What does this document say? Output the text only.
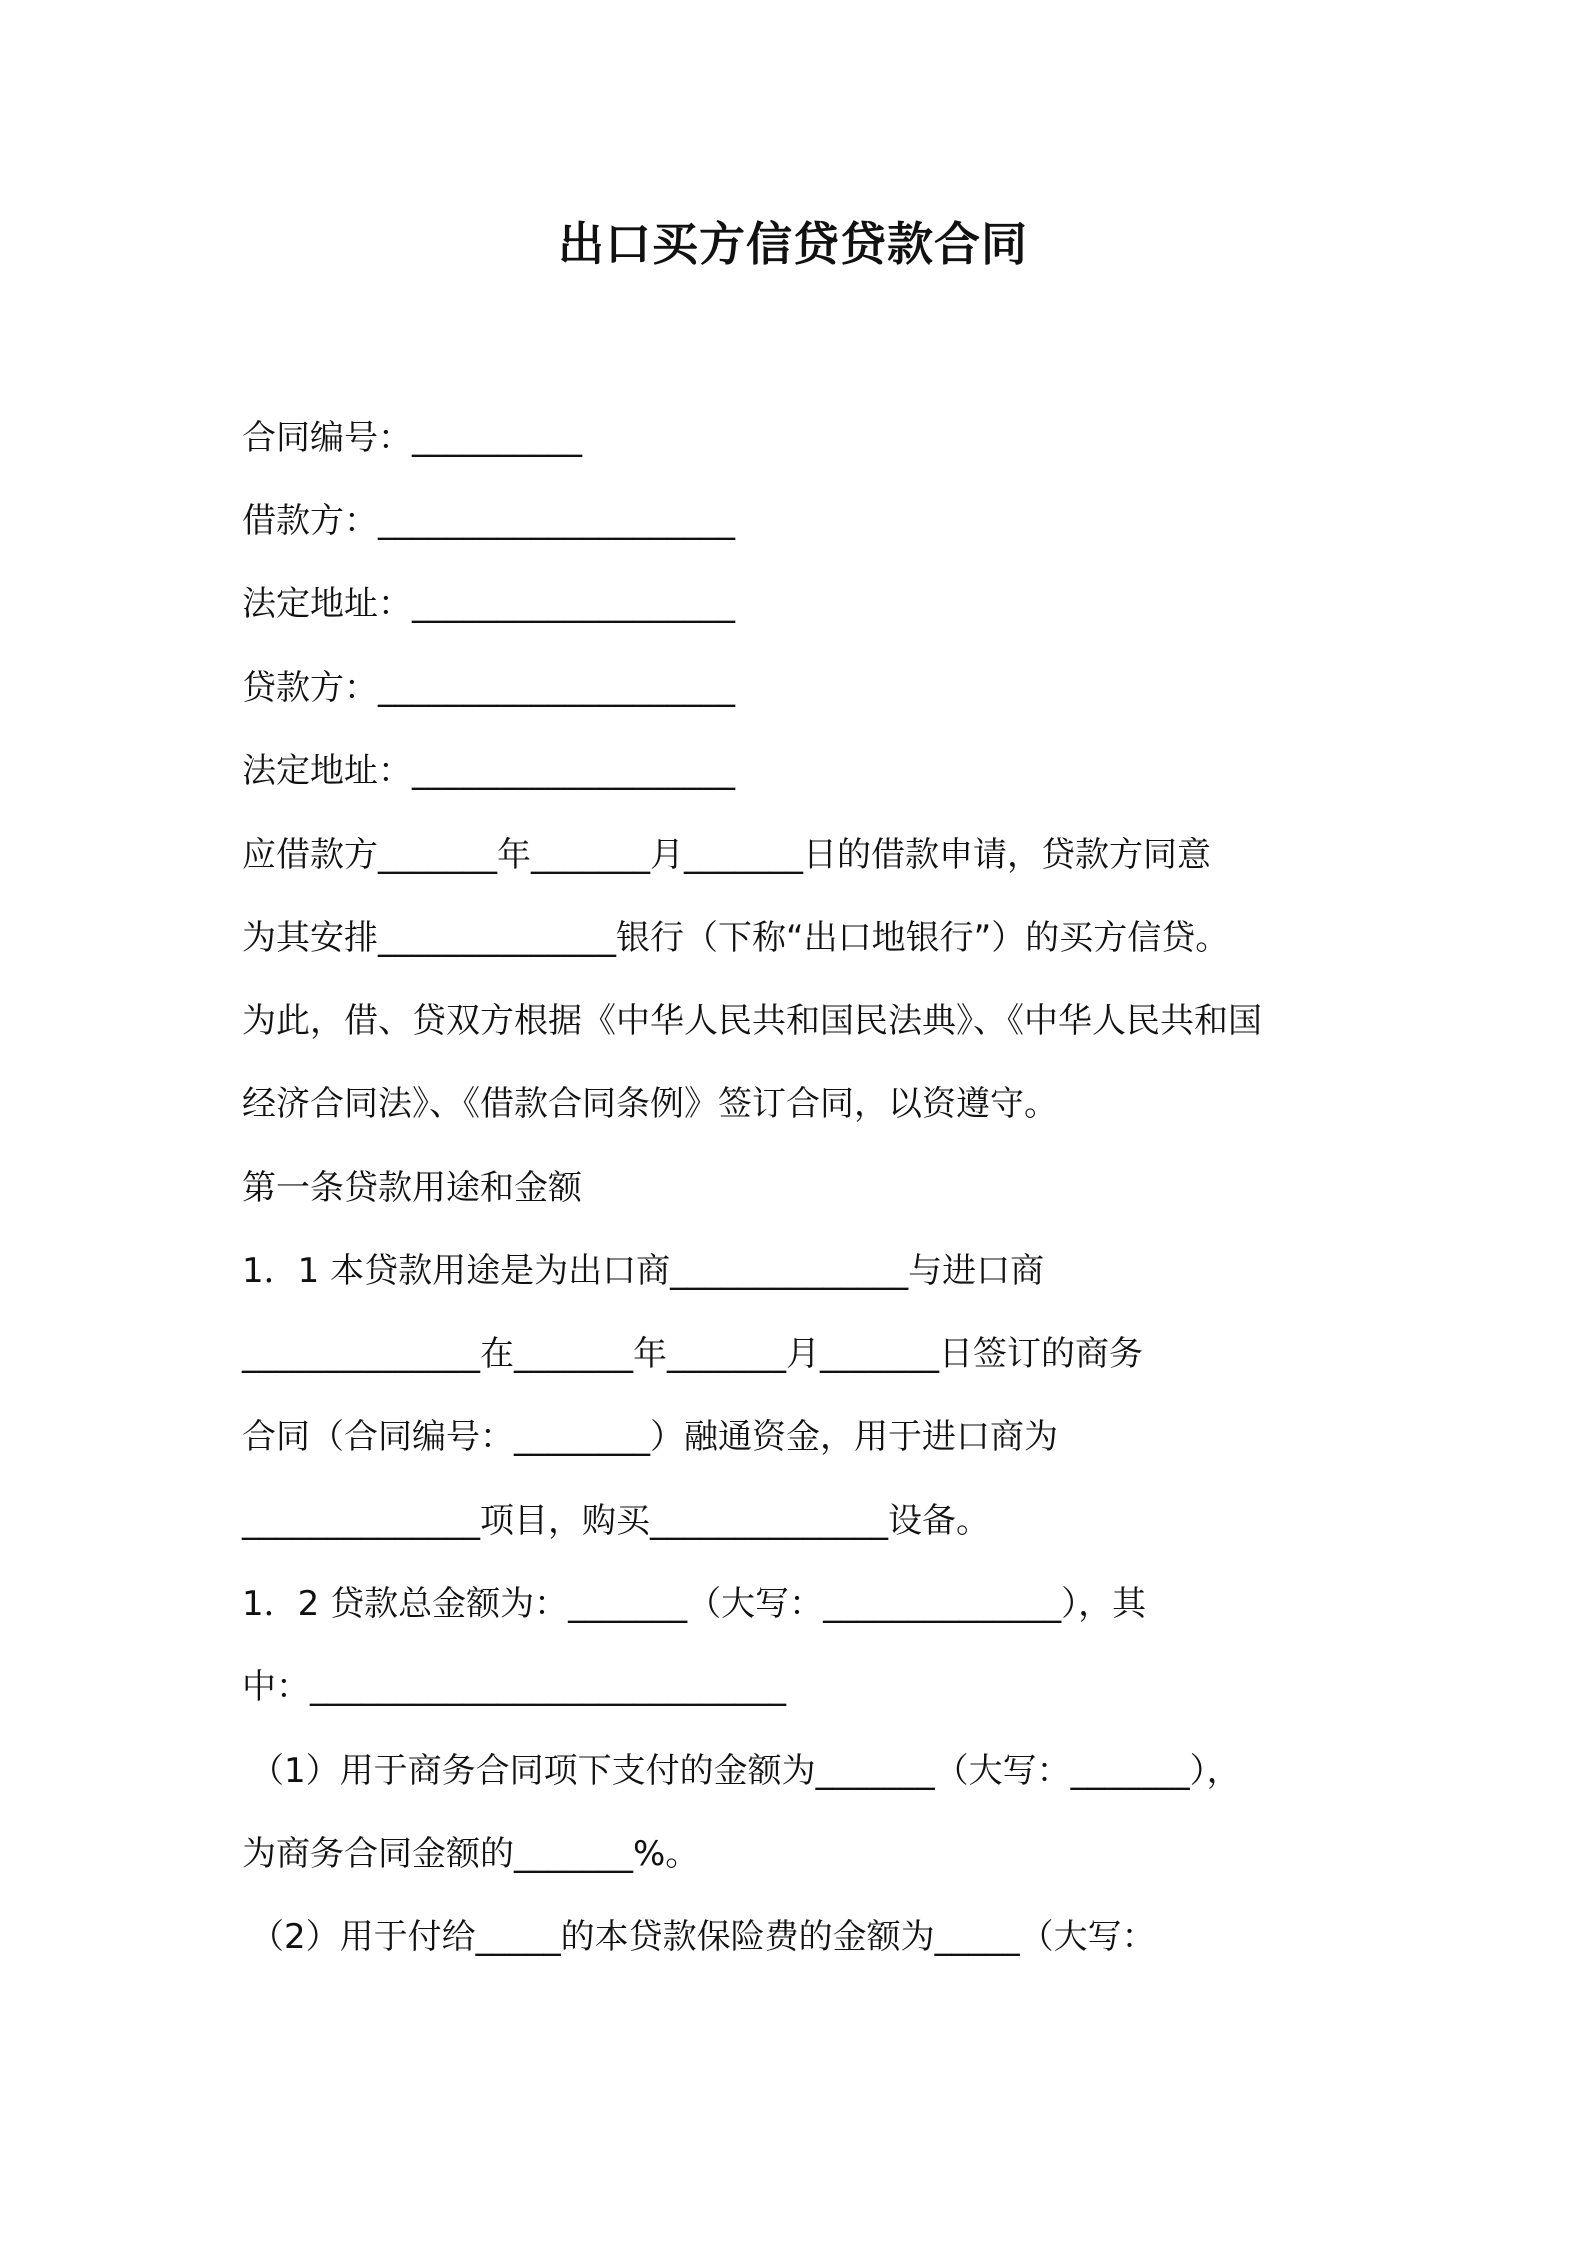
出口买方信贷贷款合同
合同编号：__________
借款方：_____________________
法定地址：___________________
贷款方：_____________________
法定地址：___________________
应借款方_______年_______月_______日的借款申请，贷款方同意
为其安排______________银行（下称“出口地银行”）的买方信贷。
为此，借、贷双方根据《中华人民共和国民法典》、《中华人民共和国
经济合同法》、《借款合同条例》签订合同，以资遵守。
第一条贷款用途和金额
1．1 本贷款用途是为出口商______________与进口商
______________在_______年_______月_______日签订的商务
合同（合同编号：________）融通资金，用于进口商为
______________项目，购买______________设备。
1．2 贷款总金额为：_______（大写：______________），其
中：____________________________
（1）用于商务合同项下支付的金额为_______（大写：_______），
为商务合同金额的_______%。
（2）用于付给_____的本贷款保险费的金额为_____（大写：
